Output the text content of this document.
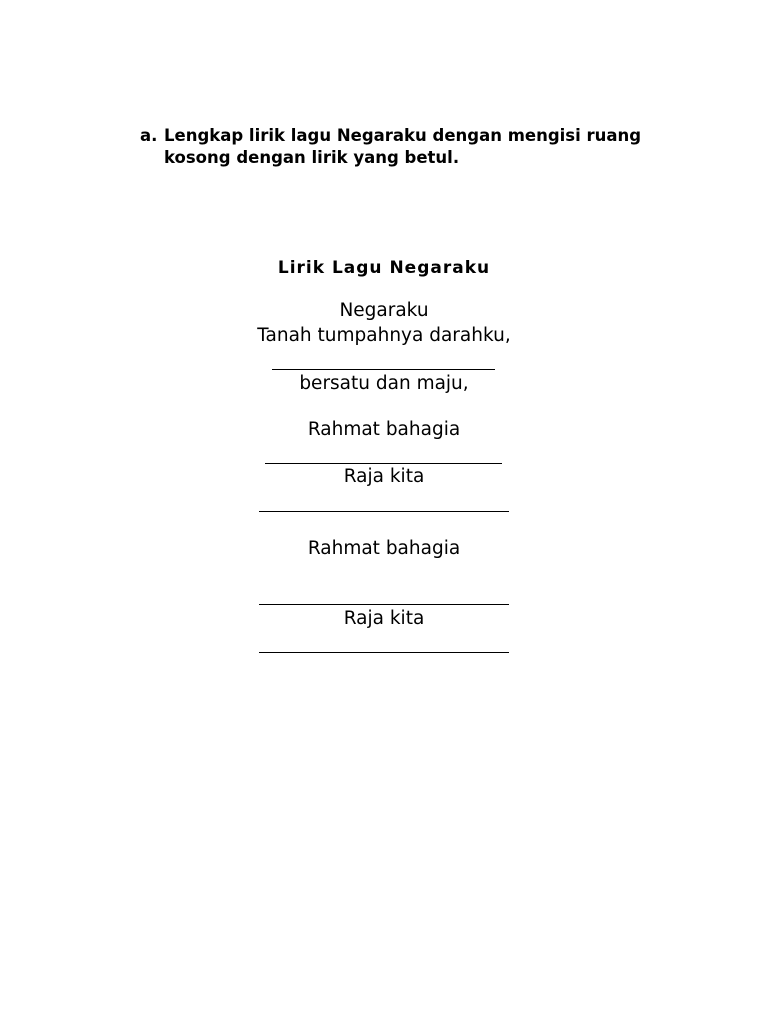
a. Lengkap lirik lagu Negaraku dengan mengisi ruang kosong dengan lirik yang betul.
Lirik Lagu Negaraku
Negaraku
Tanah tumpahnya darahku,
bersatu dan maju,
Rahmat bahagia
Raja kita
Rahmat bahagia
Raja kita
